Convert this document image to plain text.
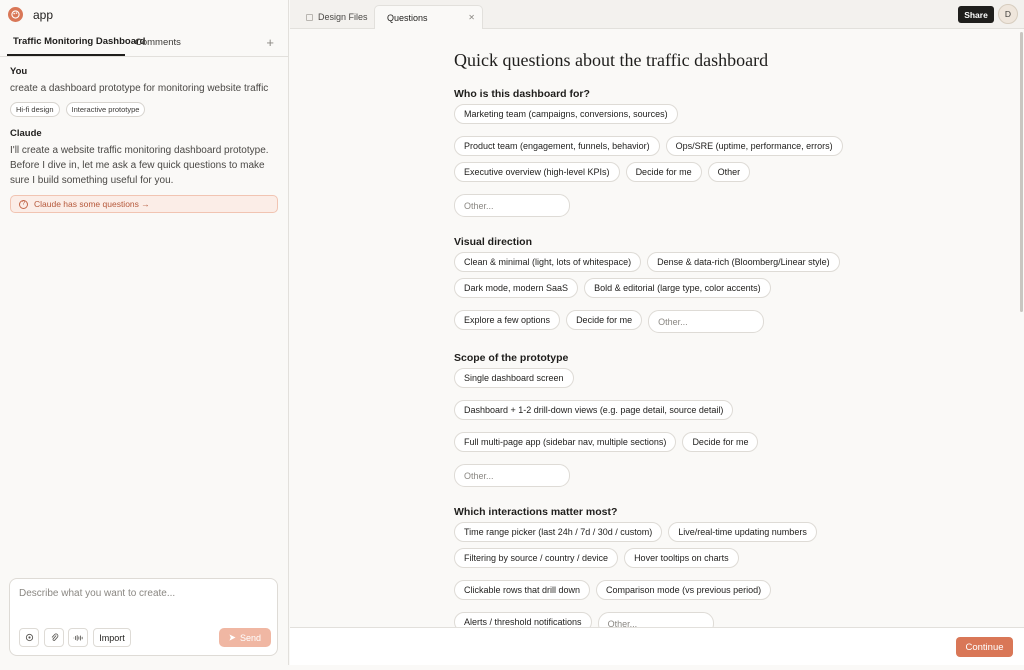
app
Traffic Monitoring Dashboard
Comments	+
You
create a dashboard prototype for monitoring website traffic
Hi-fi design	Interactive prototype
Claude
I'll create a website traffic monitoring dashboard prototype. Before I dive in, let me ask a few quick questions to make sure I build something useful for you.
?	Claude has some questions →
Describe what you want to create...
Import	Send
Design Files Questions	✕	Share	D
Quick questions about the traffic dashboard
Who is this dashboard for?
Marketing team (campaigns, conversions, sources)
Product team (engagement, funnels, behavior)	Ops/SRE (uptime, performance, errors)
Executive overview (high-level KPIs)	Decide for me	Other
Other...
Visual direction
Clean & minimal (light, lots of whitespace)	Dense & data-rich (Bloomberg/Linear style)
Dark mode, modern SaaS	Bold & editorial (large type, color accents)
Explore a few options	Decide for me
Other...
Scope of the prototype
Single dashboard screen
Dashboard + 1-2 drill-down views (e.g. page detail, source detail)
Full multi-page app (sidebar nav, multiple sections)	Decide for me
Other...
Which interactions matter most?
Time range picker (last 24h / 7d / 30d / custom)	Live/real-time updating numbers
Filtering by source / country / device	Hover tooltips on charts
Clickable rows that drill down	Comparison mode (vs previous period)
Alerts / threshold notifications
Other...
Continue
